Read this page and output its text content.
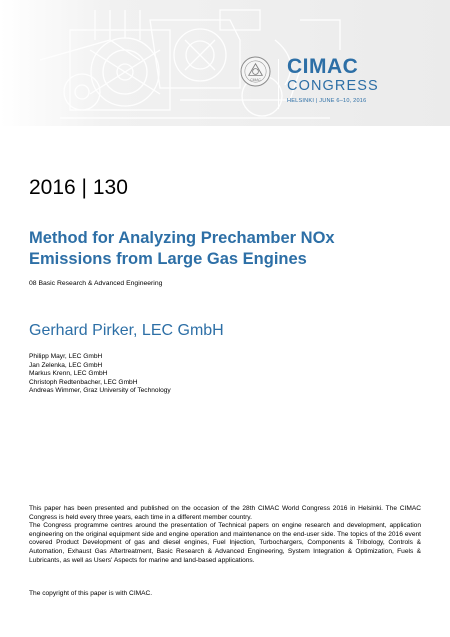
CIMAC
CIMAC
CONGRESS
HELSINKI | JUNE 6–10, 2016
2016 | 130
Method for Analyzing Prechamber NOx
Emissions from Large Gas Engines
08 Basic Research & Advanced Engineering
Gerhard Pirker, LEC GmbH
Philipp Mayr, LEC GmbH
Jan Zelenka, LEC GmbH
Markus Krenn, LEC GmbH
Christoph Redtenbacher, LEC GmbH
Andreas Wimmer, Graz University of Technology

This paper has been presented and published on the occasion of the 28th CIMAC World Congress 2016 in Helsinki. The CIMAC Congress is held every three years, each time in a different member country.

The Congress programme centres around the presentation of Technical papers on engine research and development, application engineering on the original equipment side and engine operation and maintenance on the end-user side. The topics of the 2016 event covered Product Development of gas and diesel engines, Fuel Injection, Turbochargers, Components & Tribology, Controls & Automation, Exhaust Gas Aftertreatment, Basic Research & Advanced Engineering, System Integration & Optimization, Fuels & Lubricants, as well as Users' Aspects for marine and land-based applications.

The copyright of this paper is with CIMAC.
